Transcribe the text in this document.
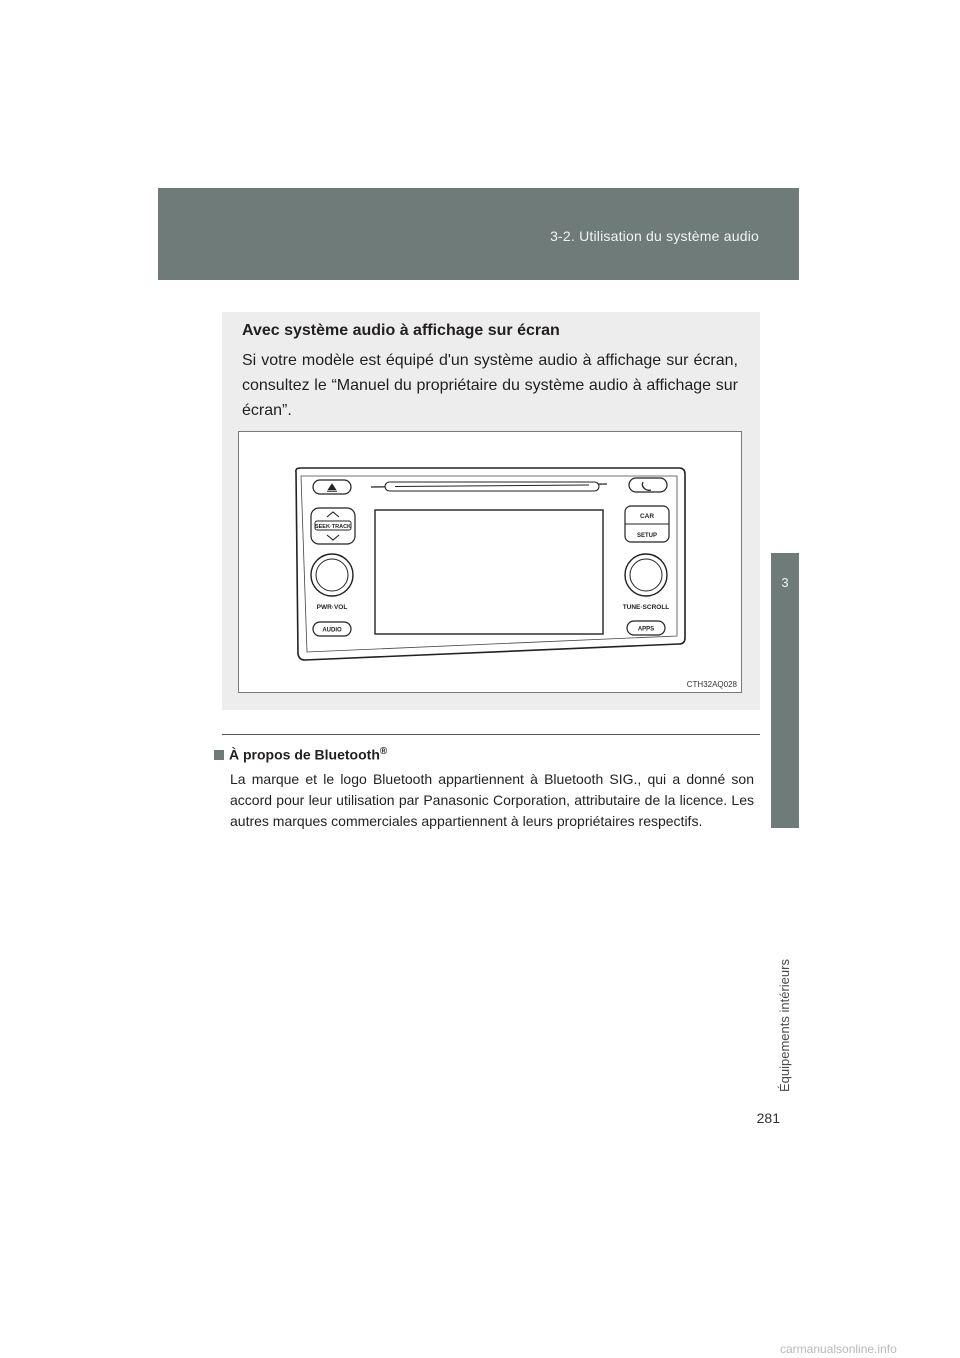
3-2. Utilisation du système audio
3
Équipements intérieurs
Avec système audio à affichage sur écran
Si votre modèle est équipé d'un système audio à affichage sur écran, consultez le “Manuel du propriétaire du système audio à affichage sur écran”.
SEEK·TRACK
CAR
SETUP
PWR·VOL	TUNE·SCROLL
AUDIO	APPS
CTH32AQ028
À propos de Bluetooth®
La marque et le logo Bluetooth appartiennent à Bluetooth SIG., qui a donné son accord pour leur utilisation par Panasonic Corporation, attributaire de la licence. Les autres marques commerciales appartiennent à leurs propriétaires respectifs.
281
carmanualsonline.info
